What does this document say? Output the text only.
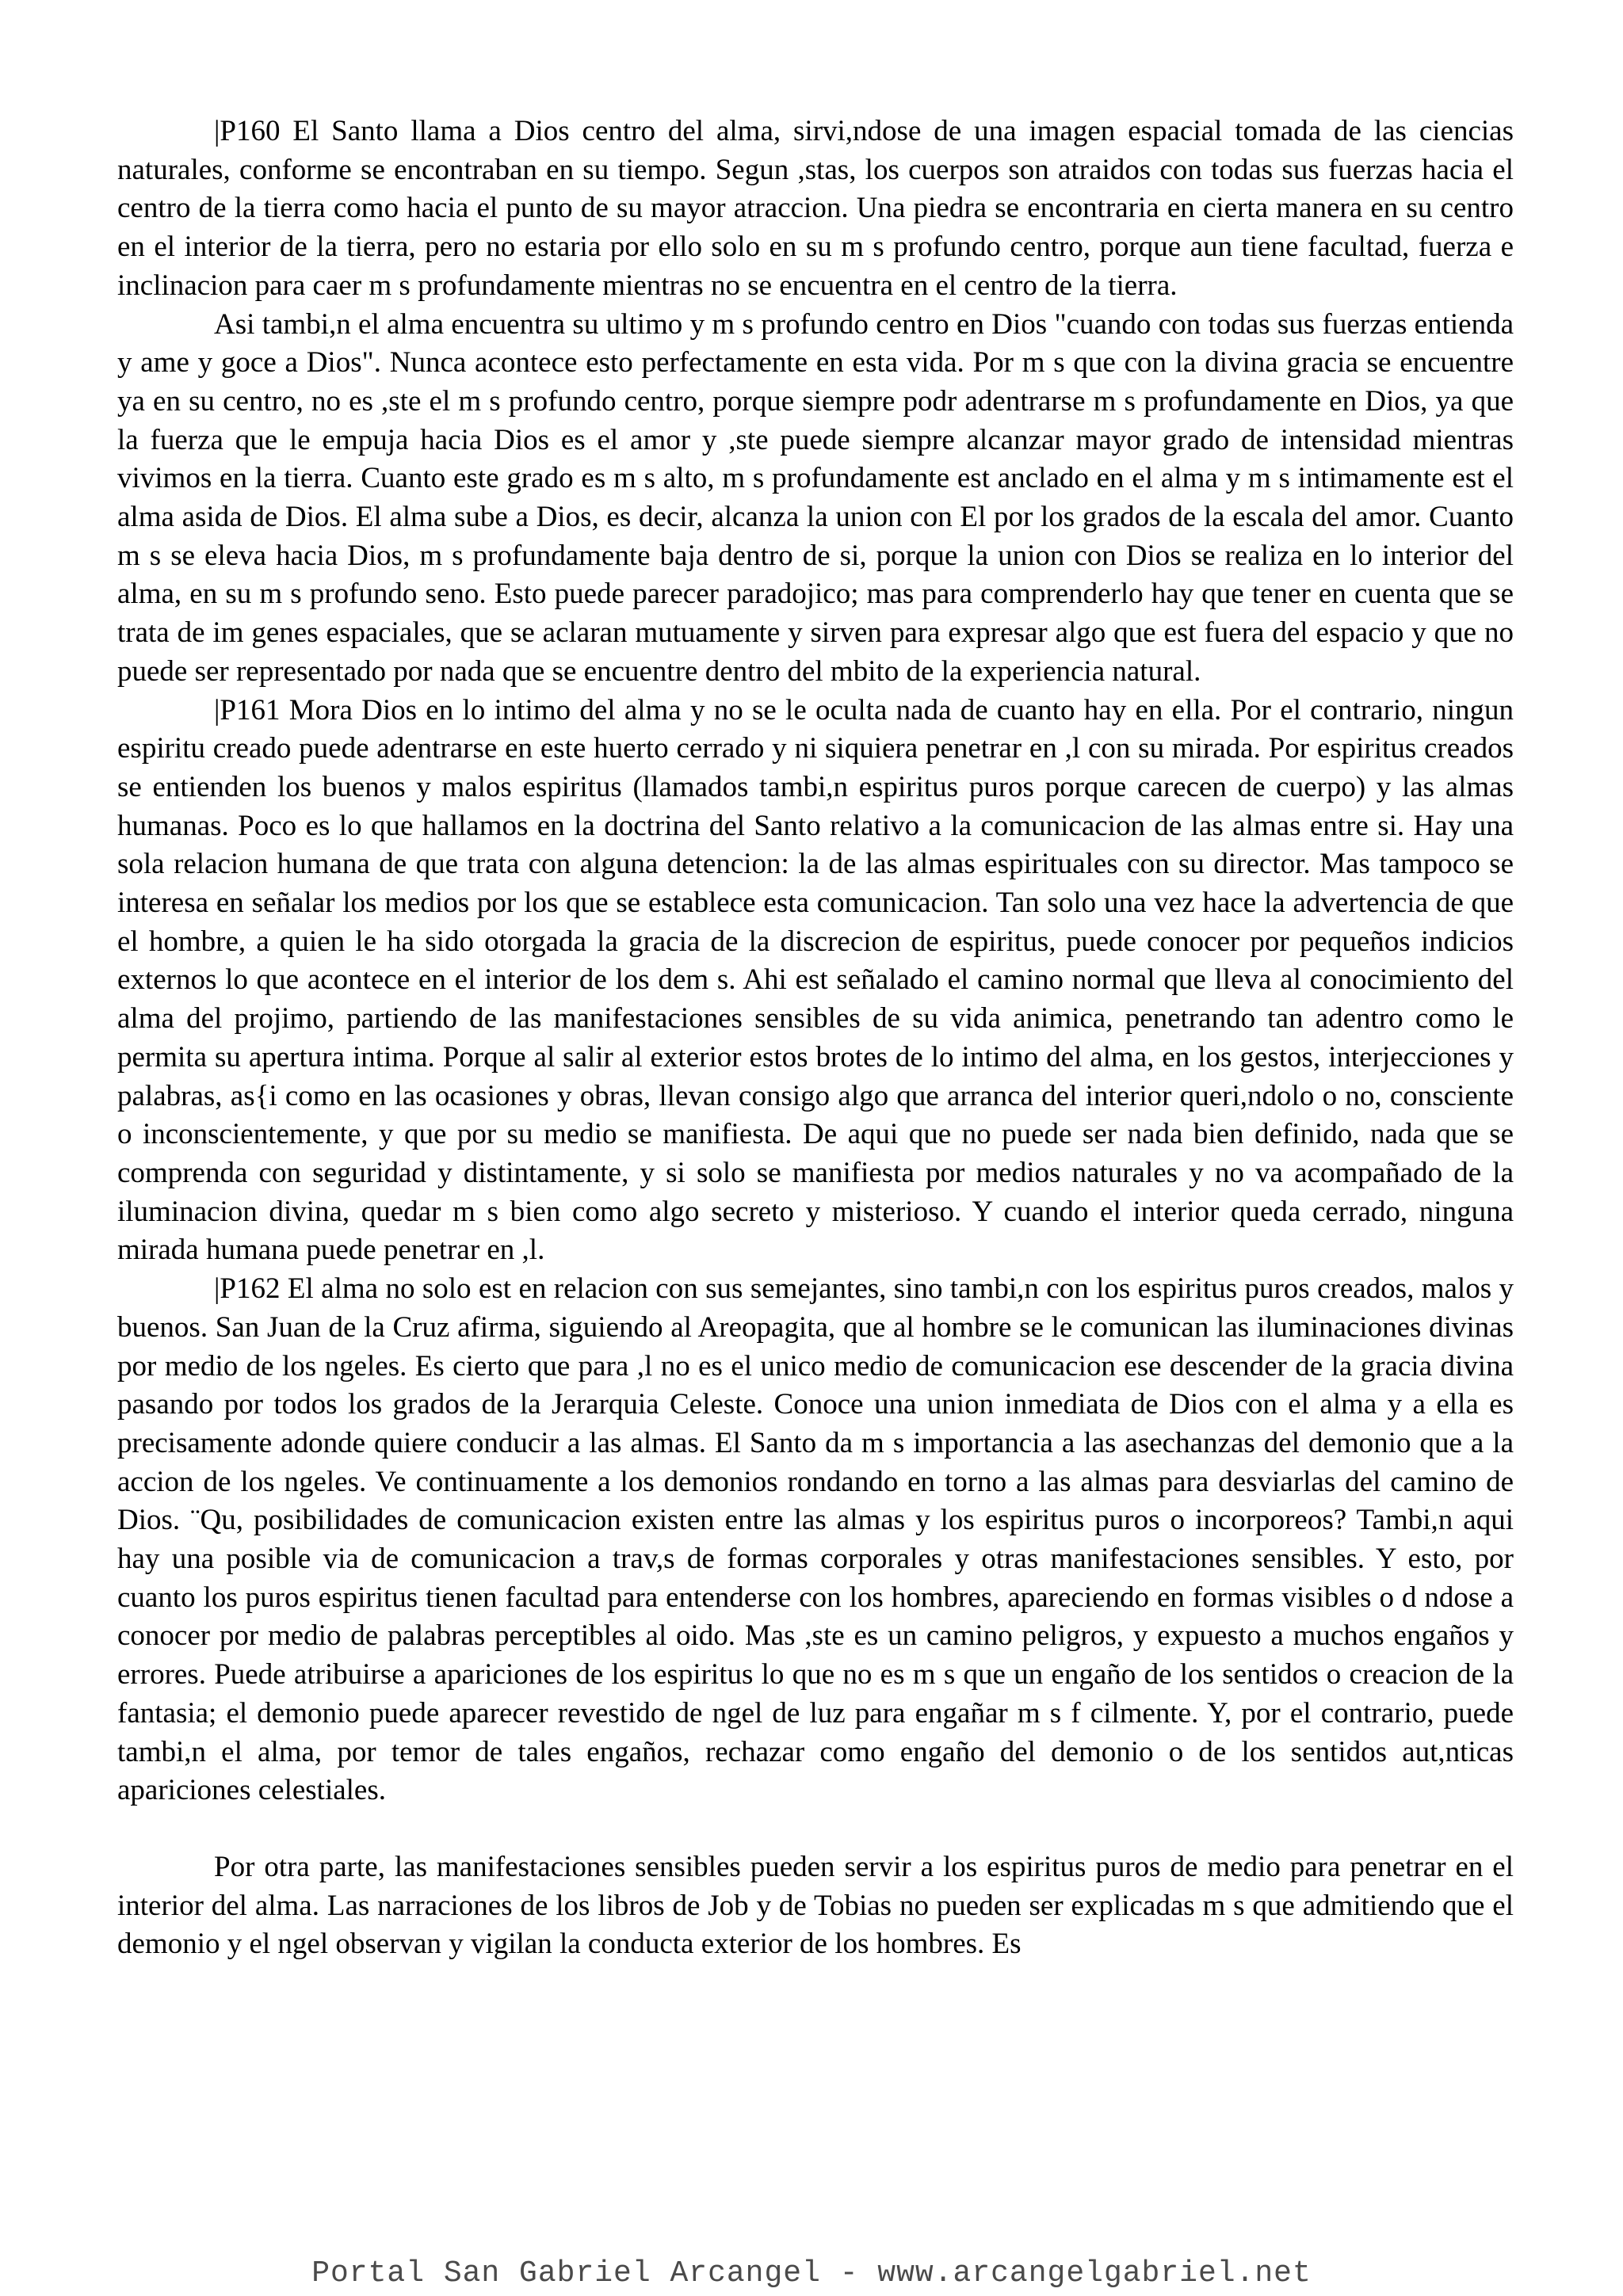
|P160 El Santo llama a Dios centro del alma, sirvi,ndose de una imagen espacial tomada de las ciencias naturales, conforme se encontraban en su tiempo. Segun ,stas, los cuerpos son atraidos con todas sus fuerzas hacia el centro de la tierra como hacia el punto de su mayor atraccion. Una piedra se encontraria en cierta manera en su centro en el interior de la tierra, pero no estaria por ello solo en su m s profundo centro, porque aun tiene facultad, fuerza e inclinacion para caer m s profundamente mientras no se encuentra en el centro de la tierra.

Asi tambi,n el alma encuentra su ultimo y m s profundo centro en Dios "cuando con todas sus fuerzas entienda y ame y goce a Dios". Nunca acontece esto perfectamente en esta vida. Por m s que con la divina gracia se encuentre ya en su centro, no es ,ste el m s profundo centro, porque siempre podr adentrarse m s profundamente en Dios, ya que la fuerza que le empuja hacia Dios es el amor y ,ste puede siempre alcanzar mayor grado de intensidad mientras vivimos en la tierra. Cuanto este grado es m s alto, m s profundamente est anclado en el alma y m s intimamente est el alma asida de Dios. El alma sube a Dios, es decir, alcanza la union con El por los grados de la escala del amor. Cuanto m s se eleva hacia Dios, m s profundamente baja dentro de si, porque la union con Dios se realiza en lo interior del alma, en su m s profundo seno. Esto puede parecer paradojico; mas para comprenderlo hay que tener en cuenta que se trata de im genes espaciales, que se aclaran mutuamente y sirven para expresar algo que est fuera del espacio y que no puede ser representado por nada que se encuentre dentro del mbito de la experiencia natural.

|P161 Mora Dios en lo intimo del alma y no se le oculta nada de cuanto hay en ella. Por el contrario, ningun espiritu creado puede adentrarse en este huerto cerrado y ni siquiera penetrar en ,l con su mirada. Por espiritus creados se entienden los buenos y malos espiritus (llamados tambi,n espiritus puros porque carecen de cuerpo) y las almas humanas. Poco es lo que hallamos en la doctrina del Santo relativo a la comunicacion de las almas entre si. Hay una sola relacion humana de que trata con alguna detencion: la de las almas espirituales con su director. Mas tampoco se interesa en señalar los medios por los que se establece esta comunicacion. Tan solo una vez hace la advertencia de que el hombre, a quien le ha sido otorgada la gracia de la discrecion de espiritus, puede conocer por pequeños indicios externos lo que acontece en el interior de los dem s. Ahi est señalado el camino normal que lleva al conocimiento del alma del projimo, partiendo de las manifestaciones sensibles de su vida animica, penetrando tan adentro como le permita su apertura intima. Porque al salir al exterior estos brotes de lo intimo del alma, en los gestos, interjecciones y palabras, as{i como en las ocasiones y obras, llevan consigo algo que arranca del interior queri,ndolo o no, consciente o inconscientemente, y que por su medio se manifiesta. De aqui que no puede ser nada bien definido, nada que se comprenda con seguridad y distintamente, y si solo se manifiesta por medios naturales y no va acompañado de la iluminacion divina, quedar m s bien como algo secreto y misterioso. Y cuando el interior queda cerrado, ninguna mirada humana puede penetrar en ,l.

|P162 El alma no solo est en relacion con sus semejantes, sino tambi,n con los espiritus puros creados, malos y buenos. San Juan de la Cruz afirma, siguiendo al Areopagita, que al hombre se le comunican las iluminaciones divinas por medio de los ngeles. Es cierto que para ,l no es el unico medio de comunicacion ese descender de la gracia divina pasando por todos los grados de la Jerarquia Celeste. Conoce una union inmediata de Dios con el alma y a ella es precisamente adonde quiere conducir a las almas. El Santo da m s importancia a las asechanzas del demonio que a la accion de los ngeles. Ve continuamente a los demonios rondando en torno a las almas para desviarlas del camino de Dios. ¨Qu, posibilidades de comunicacion existen entre las almas y los espiritus puros o incorporeos? Tambi,n aqui hay una posible via de comunicacion a trav,s de formas corporales y otras manifestaciones sensibles. Y esto, por cuanto los puros espiritus tienen facultad para entenderse con los hombres, apareciendo en formas visibles o d ndose a conocer por medio de palabras perceptibles al oido. Mas ,ste es un camino peligros, y expuesto a muchos engaños y errores. Puede atribuirse a apariciones de los espiritus lo que no es m s que un engaño de los sentidos o creacion de la fantasia; el demonio puede aparecer revestido de ngel de luz para engañar m s f cilmente. Y, por el contrario, puede tambi,n el alma, por temor de tales engaños, rechazar como engaño del demonio o de los sentidos aut,nticas apariciones celestiales.

Por otra parte, las manifestaciones sensibles pueden servir a los espiritus puros de medio para penetrar en el interior del alma. Las narraciones de los libros de Job y de Tobias no pueden ser explicadas m s que admitiendo que el demonio y el ngel observan y vigilan la conducta exterior de los hombres. Es

Portal San Gabriel Arcangel - www.arcangelgabriel.net
